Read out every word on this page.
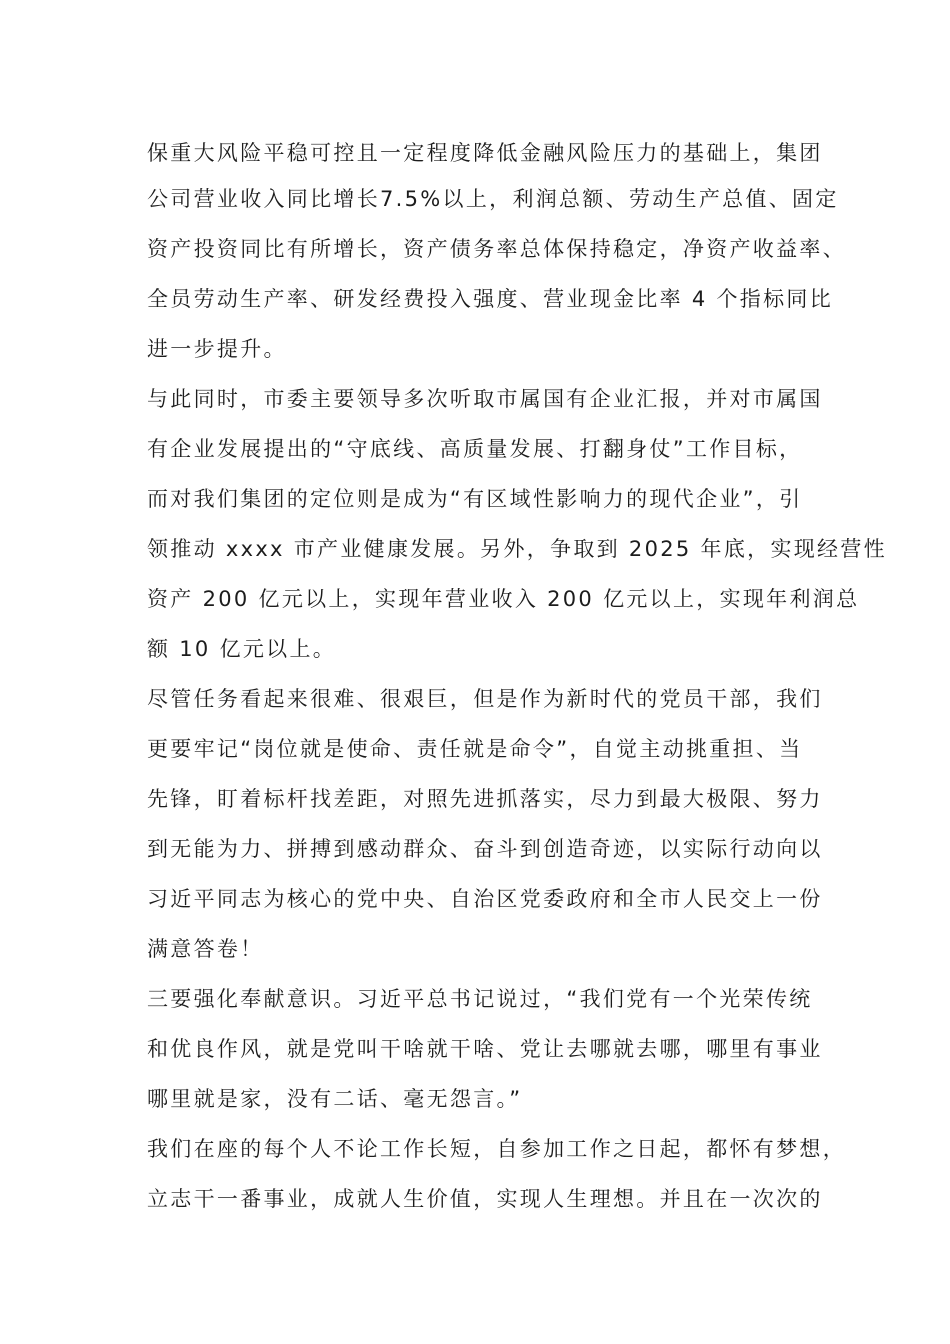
保重大风险平稳可控且一定程度降低金融风险压力的基础上，集团
公司营业收入同比增长7.5%以上，利润总额、劳动生产总值、固定
资产投资同比有所增长，资产债务率总体保持稳定，净资产收益率、
全员劳动生产率、研发经费投入强度、营业现金比率 4 个指标同比
进一步提升。
与此同时，市委主要领导多次听取市属国有企业汇报，并对市属国
有企业发展提出的“守底线、高质量发展、打翻身仗”工作目标，
而对我们集团的定位则是成为“有区域性影响力的现代企业”，引
领推动 xxxx 市产业健康发展。另外，争取到 2025 年底，实现经营性
资产 200 亿元以上，实现年营业收入 200 亿元以上，实现年利润总
额 10 亿元以上。
尽管任务看起来很难、很艰巨，但是作为新时代的党员干部，我们
更要牢记“岗位就是使命、责任就是命令”，自觉主动挑重担、当
先锋，盯着标杆找差距，对照先进抓落实，尽力到最大极限、努力
到无能为力、拼搏到感动群众、奋斗到创造奇迹，以实际行动向以
习近平同志为核心的党中央、自治区党委政府和全市人民交上一份
满意答卷！
三要强化奉献意识。习近平总书记说过，“我们党有一个光荣传统
和优良作风，就是党叫干啥就干啥、党让去哪就去哪，哪里有事业
哪里就是家，没有二话、毫无怨言。”
我们在座的每个人不论工作长短，自参加工作之日起，都怀有梦想，
立志干一番事业，成就人生价值，实现人生理想。并且在一次次的
